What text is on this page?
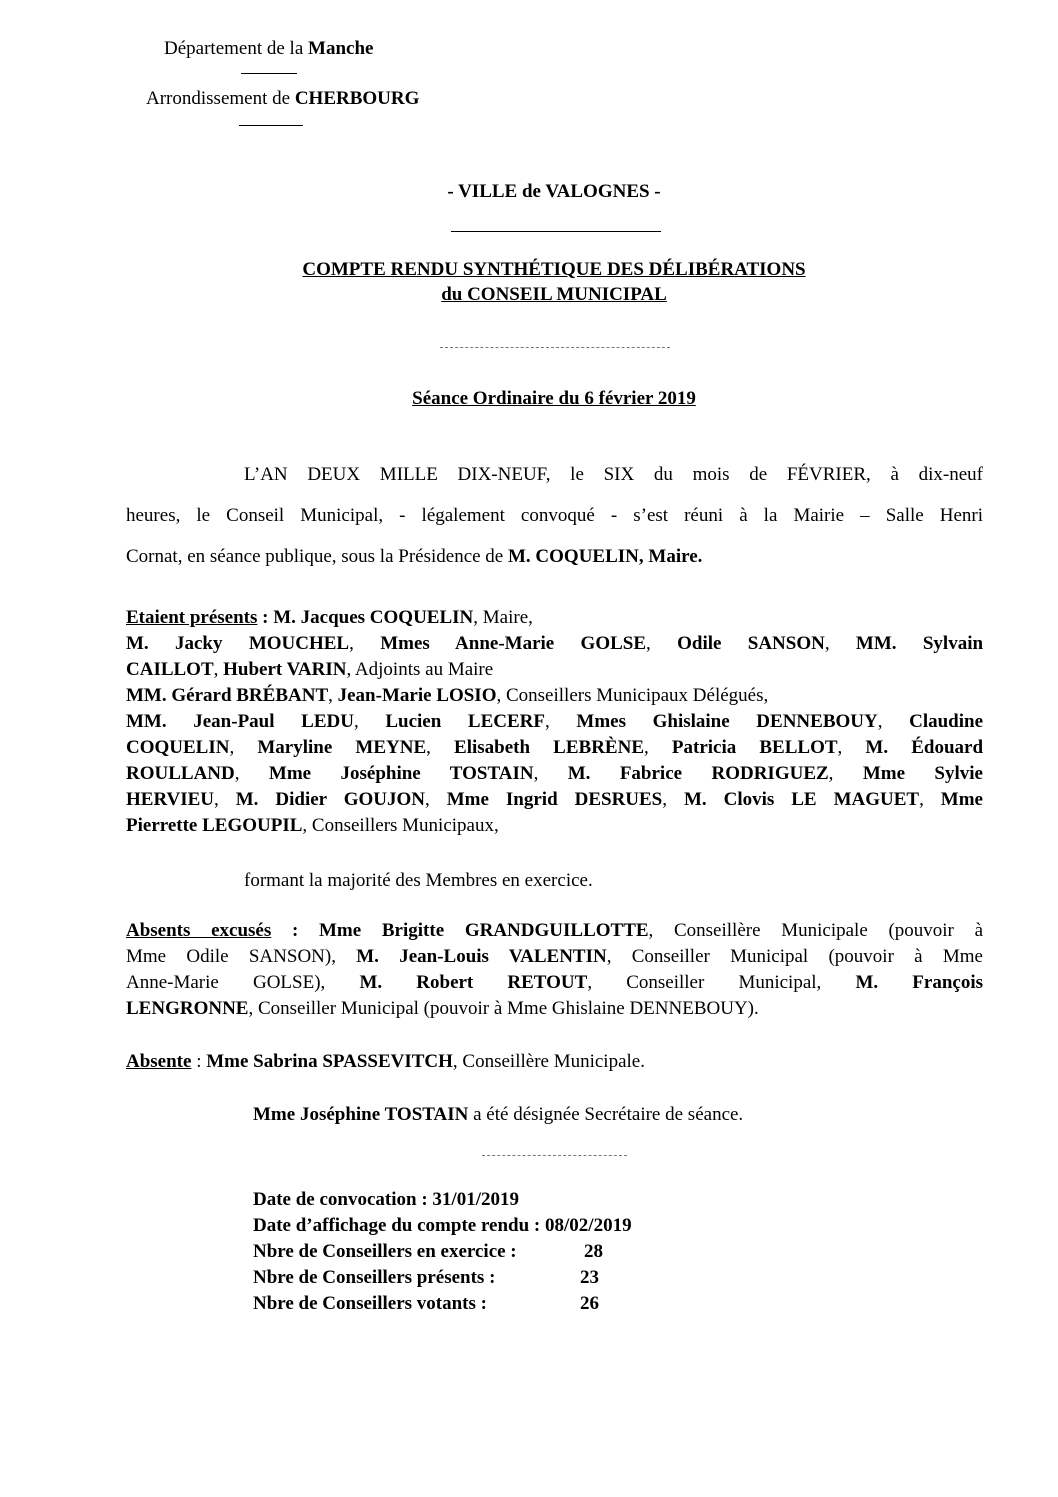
Département de la Manche
Arrondissement de CHERBOURG
- VILLE de VALOGNES -
COMPTE RENDU SYNTHÉTIQUE DES DÉLIBÉRATIONS
du CONSEIL MUNICIPAL
Séance Ordinaire du 6 février 2019
L’AN DEUX MILLE DIX-NEUF, le SIX du mois de FÉVRIER, à dix-neuf
heures, le Conseil Municipal, - légalement convoqué - s’est réuni à la Mairie – Salle Henri
Cornat, en séance publique, sous la Présidence de M. COQUELIN, Maire.
Etaient présents : M. Jacques COQUELIN, Maire,
M. Jacky MOUCHEL, Mmes Anne-Marie GOLSE, Odile SANSON, MM. Sylvain
CAILLOT, Hubert VARIN, Adjoints au Maire
MM. Gérard BRÉBANT, Jean-Marie LOSIO, Conseillers Municipaux Délégués,
MM. Jean-Paul LEDU, Lucien LECERF, Mmes Ghislaine DENNEBOUY, Claudine
COQUELIN, Maryline MEYNE, Elisabeth LEBRÈNE, Patricia BELLOT, M. Édouard
ROULLAND, Mme Joséphine TOSTAIN, M. Fabrice RODRIGUEZ, Mme Sylvie
HERVIEU, M. Didier GOUJON, Mme Ingrid DESRUES, M. Clovis LE MAGUET, Mme
Pierrette LEGOUPIL, Conseillers Municipaux,
formant la majorité des Membres en exercice.
Absents excusés : Mme Brigitte GRANDGUILLOTTE, Conseillère Municipale (pouvoir à
Mme Odile SANSON), M. Jean-Louis VALENTIN, Conseiller Municipal (pouvoir à Mme
Anne-Marie GOLSE), M. Robert RETOUT, Conseiller Municipal, M. François
LENGRONNE, Conseiller Municipal (pouvoir à Mme Ghislaine DENNEBOUY).
Absente : Mme Sabrina SPASSEVITCH, Conseillère Municipale.
Mme Joséphine TOSTAIN a été désignée Secrétaire de séance.
Date de convocation : 31/01/2019
Date d’affichage du compte rendu : 08/02/2019
Nbre de Conseillers en exercice :	28
Nbre de Conseillers présents :	23
Nbre de Conseillers votants :	26
